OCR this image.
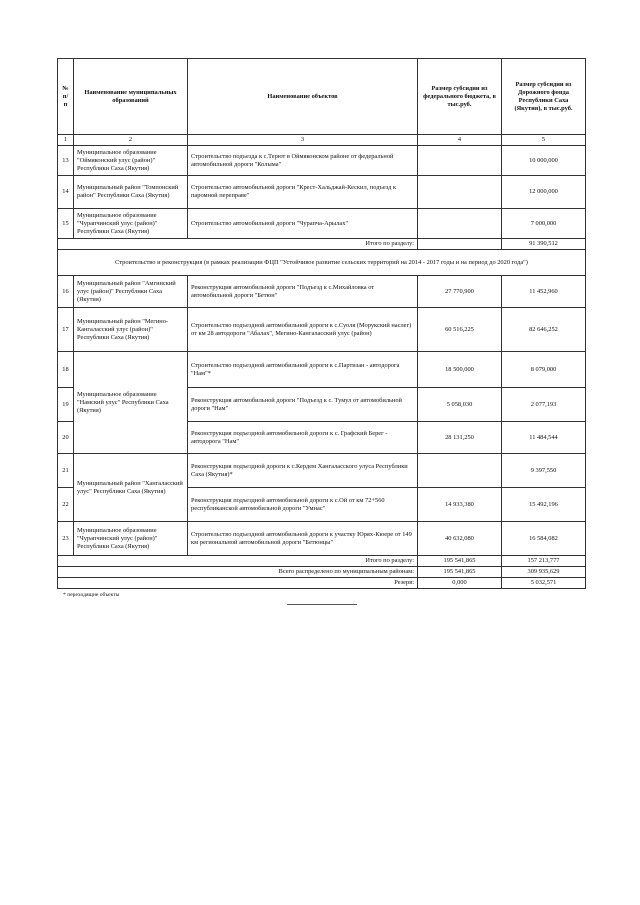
№ п/п	Наименование муниципальных образований	Наименование объектов	Размер субсидии из федерального бюджета, в тыс.руб.	Размер субсидии из Дорожного фонда Республики Саха (Якутия), в тыс.руб.
1	2	3	4	5
13	Муниципальное образование "Оймяконский улус (район)" Республики Саха (Якутия)	Строительство подъезда к с.Терют в Оймяконском районе от федеральной автомобильной дороги "Колыма"		10 000,000
14	Муниципальный район "Томпонский район" Республики Саха (Якутия)	Строительство автомобильной дороги "Крест-Хальджай-Кескил, подъезд к паромной переправе"		12 000,000
15	Муниципальное образование "Чурапчинский улус (район)" Республики Саха (Якутия)	Строительство автомобильной дороги "Чурапча-Арылах"		7 000,000
Итого по разделу:				91 390,512
Строительство и реконструкция (в рамках реализации ФЦП "Устойчивое развитие сельских территорий на 2014 - 2017 годы и на период до 2020 года")				
16	Муниципальный район "Амгинский улус (район)" Республики Саха (Якутия)	Реконструкция автомобильной дороги "Подъезд к с.Михайловка от автомобильной дороги "Бетюн"	27 770,900	11 452,960
17	Муниципальный район "Мегино-Кангаласский улус (район)" Республики Саха (Якутия)	Строительство подъездной автомобильной дороги к с.Суоля (Морукский наслег) от км 28 автодороги "Абалах", Мегино-Кангаласский улус (район)	60 516,225	82 646,252
18	Муниципальное образование "Намский улус" Республики Саха (Якутия)	Строительство подъездной автомобильной дороги к с.Партизан - автодорога "Нам"*	18 500,000	8 079,000
19		Реконструкция автомобильной дороги "Подъезд к с. Тумул от автомобильной дороги "Нам"	5 058,030	2 077,193
20		Реконструкция подъездной автомобильной дороги к с. Графский Берег - автодорога "Нам"	28 131,250	11 484,544
21	Муниципальный район "Хангаласский улус" Республики Саха (Якутия)	Реконструкция подъездной дороги к с.Кердем Хангаласского улуса Республики Саха (Якутия)*		9 397,550
22		Реконструкция подъездной автомобильной дороги к с.Ой от км 72+560 республиканской автомобильной дороги "Умнас"	14 933,380	15 492,196
23	Муниципальное образование "Чурапчинский улус (район)" Республики Саха (Якутия)	Строительство подъездной автомобильной дороги к участку Юрях-Кюере от 149 км региональной автомобильной дороги "Бетюнцы"	40 632,080	16 584,082
Итого по разделу:			195 541,865	157 213,777
Всего распределено по муниципальным районам:			195 541,865	309 935,629
Резерв:			0,000	5 032,571
* переходящие объекты
